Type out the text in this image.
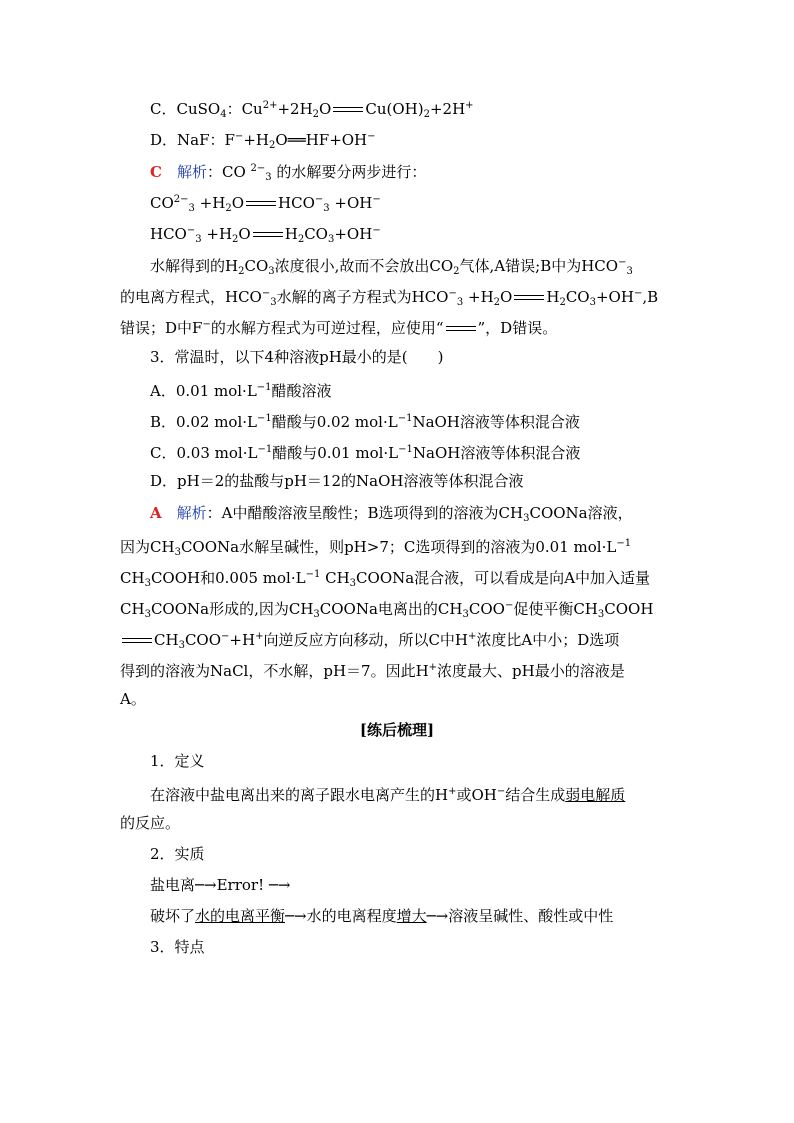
C．CuSO$_4$：$Cu^{2+}+2H_2O$ $Cu(OH)_2+2H^+$
D．NaF：$F^-+H_2O══HF+OH^-$
C　 解析：CO $^{2-}_3$ 的水解要分两步进行：
$CO^{2-}_3 +H_2O$ $HCO^-_3 +OH^-$
$HCO^-_3 +H_2O$ $H_2CO_3+OH^-$
水解得到的$H_2CO_3$浓度很小,故而不会放出$CO_2$气体,A错误;B中为$HCO^-_3$
的电离方程式，$HCO^-_3$水解的离子方程式为$HCO^-_3 +H_2O$ $H_2CO_3+OH^-,B$
错误；D中F−的水解方程式为可逆过程，应使用“ ”，D错误。
3．常温时，以下4种溶液pH最小的是(　　)
A．0.01 $mol\cdot L^{-1}$醋酸溶液
B．0.02 $mol\cdot L^{-1}$醋酸与0.02 $mol\cdot L^{-1}NaOH$溶液等体积混合液
C．0.03 $mol\cdot L^{-1}$醋酸与0.01 $mol\cdot L^{-1}NaOH$溶液等体积混合液
D．pH＝2的盐酸与pH＝12的NaOH溶液等体积混合液
A　 解析：A中醋酸溶液呈酸性；B选项得到的溶液为$CH_3COONa$溶液，
因为$CH_3COONa$水解呈碱性，则pH>7；C选项得到的溶液为0.01 $mol\cdot L^{-1}$
$CH_3COOH$和0.005 $mol\cdot L^{-1}$ $CH_3COONa$混合液，可以看成是向A中加入适量
$CH_3COONa$形成的,因为$CH_3COONa$电离出的$CH_3COO^-$促使平衡$CH_3COOH$
$CH_3COO^-+H^+$向逆反应方向移动，所以C中H+浓度比A中小；D选项
得到的溶液为NaCl，不水解，pH＝7。因此H+浓度最大、pH最小的溶液是
A。
[练后梳理]
1．定义
在溶液中盐电离出来的离子跟水电离产生的H+或OH−结合生成弱电解质
的反应。
2．实质
盐电离─→Error! ─→
破坏了水的电离平衡─→水的电离程度增大─→溶液呈碱性、酸性或中性
3．特点
